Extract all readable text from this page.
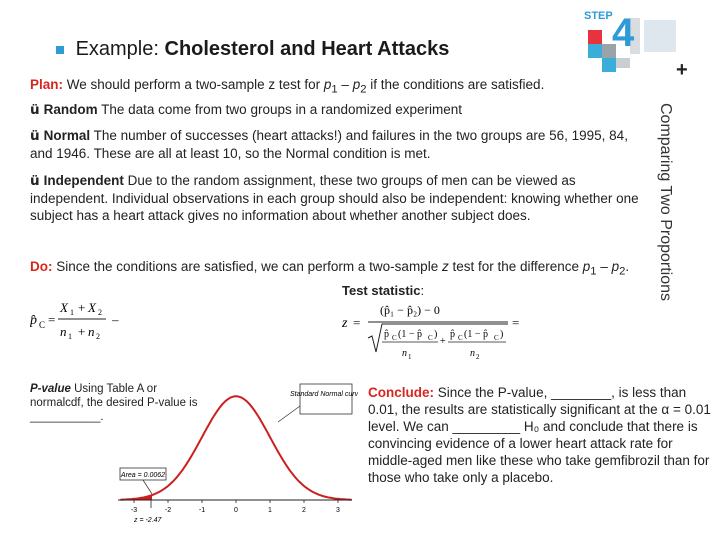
Example: Cholesterol and Heart Attacks
STEP 4
+
Comparing Two Proportions
Plan: We should perform a two-sample z test for $p_1 - p_2$ if the conditions are satisfied.
ü Random The data come from two groups in a randomized experiment
ü Normal The number of successes (heart attacks!) and failures in the two groups are 56, 1995, 84, and 1946. These are all at least 10, so the Normal condition is met.
ü Independent Due to the random assignment, these two groups of men can be viewed as independent. Individual observations in each group should also be independent: knowing whether one subject has a heart attack gives no information about whether another subject does.
Do: Since the conditions are satisfied, we can perform a two-sample z test for the difference $p_1 - p_2$.
p̂ C =
X 1 + X 2
n 1 + n 2
–
Test statistic:
z =
(p̂₁ − p̂₂) − 0
p̂ C (1 − p̂ C )
+
p̂ C (1 − p̂ C )
n 1	n 2
=
P-value Using Table A or normalcdf, the desired P-value is ___________.
-3	-2	-1	0	1	2	3
Standard Normal curve
Area = 0.0062
z = -2.47
Conclude: Since the P-value, ________, is less than 0.01, the results are statistically significant at the α = 0.01 level. We can _________ H₀ and conclude that there is convincing evidence of a lower heart attack rate for middle-aged men like these who take gemfibrozil than for those who take only a placebo.
